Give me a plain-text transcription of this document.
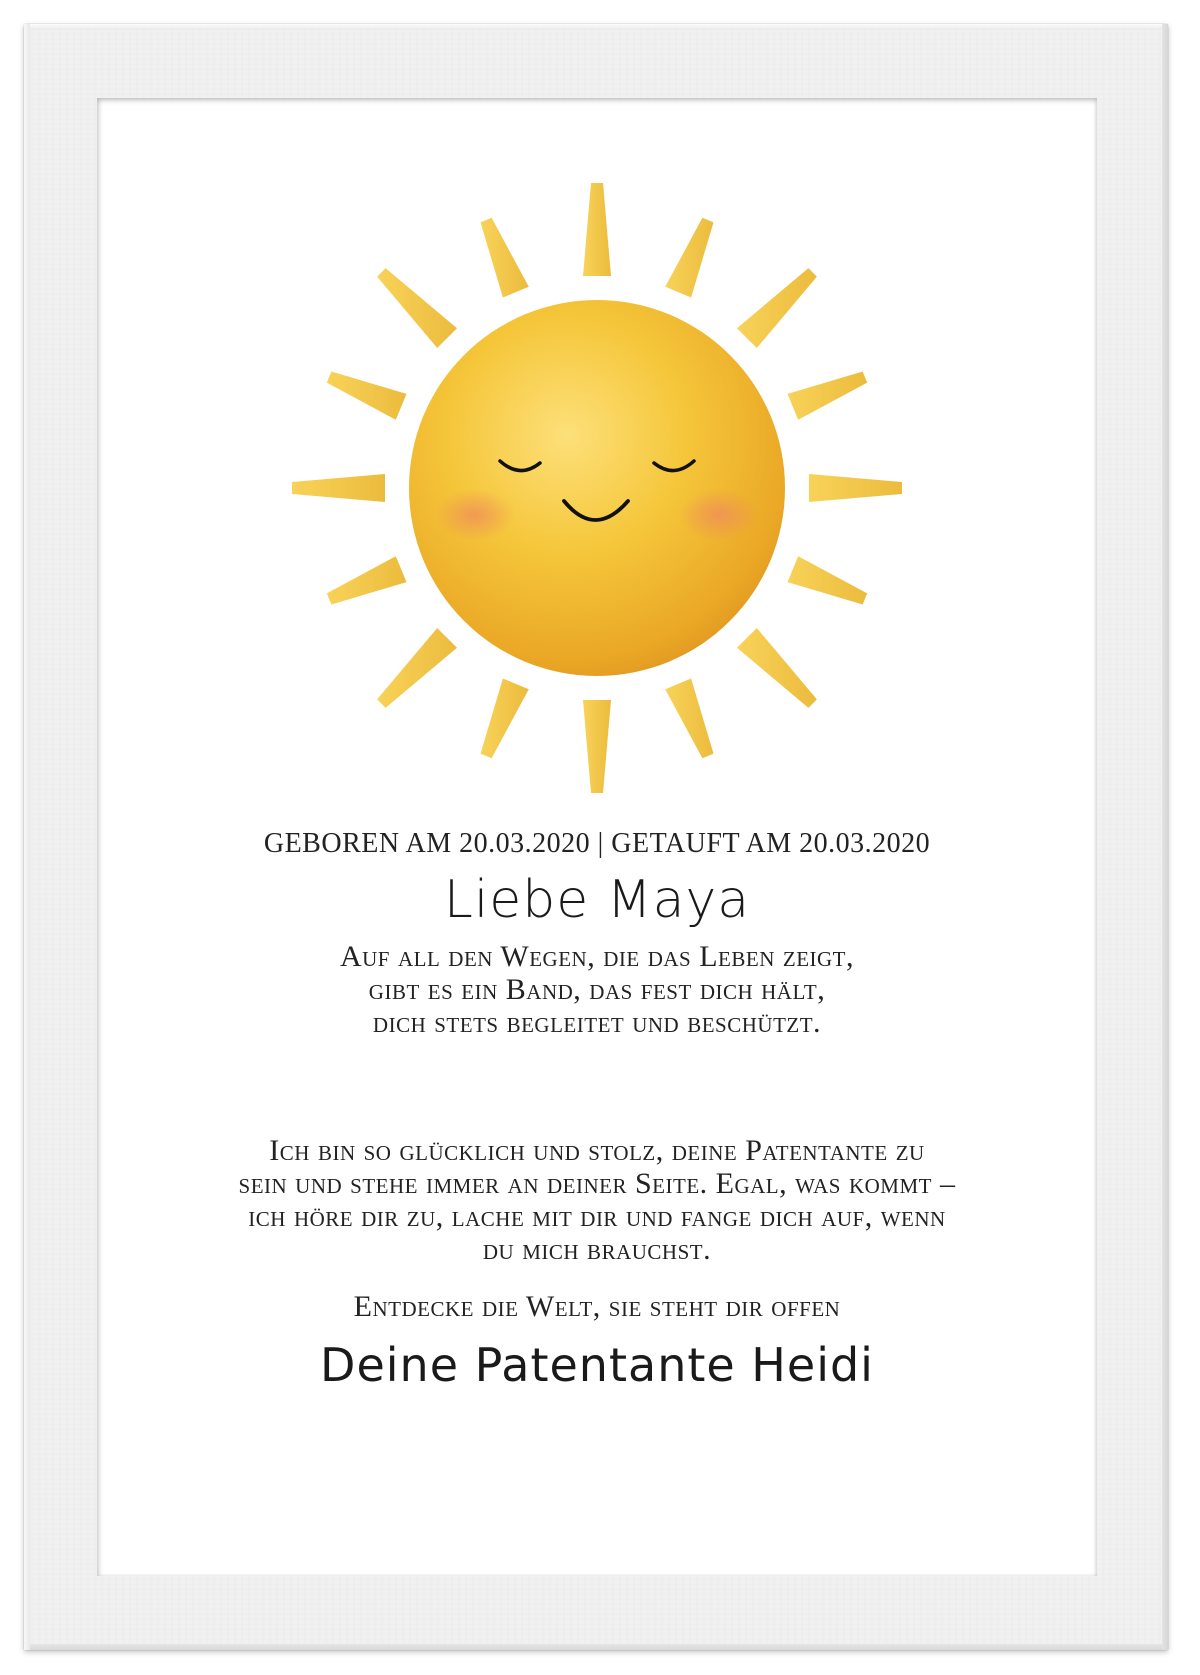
GEBOREN AM 20.03.2020 | GETAUFT AM 20.03.2020
Liebe Maya
Auf all den Wegen, die das Leben zeigt,
gibt es ein Band, das fest dich hält,
dich stets begleitet und beschützt.
Ich bin so glücklich und stolz, deine Patentante zu
sein und stehe immer an deiner Seite. Egal, was kommt –
ich höre dir zu, lache mit dir und fange dich auf, wenn
du mich brauchst.
Entdecke die Welt, sie steht dir offen
Deine Patentante Heidi
